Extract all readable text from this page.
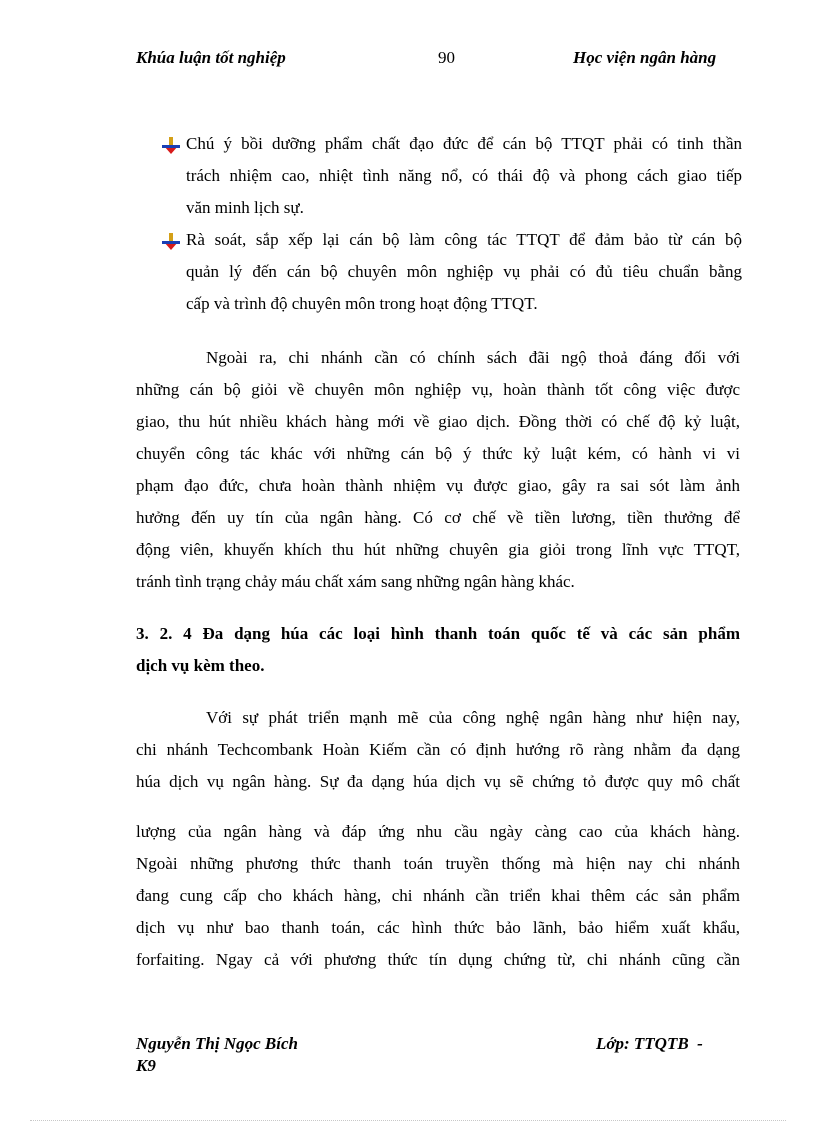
Khúa luận tốt nghiệp	90	Học viện ngân hàng
Chú ý bồi dưỡng phẩm chất đạo đức để cán bộ TTQT phải có tinh thần
trách nhiệm cao, nhiệt tình năng nổ, có thái độ và phong cách giao tiếp
văn minh lịch sự.
Rà soát, sắp xếp lại cán bộ làm công tác TTQT để đảm bảo từ cán bộ
quản lý đến cán bộ chuyên môn nghiệp vụ phải có đủ tiêu chuẩn bằng
cấp và trình độ chuyên môn trong hoạt động TTQT.
Ngoài ra, chi nhánh cần có chính sách đãi ngộ thoả đáng đối với
những cán bộ giỏi về chuyên môn nghiệp vụ, hoàn thành tốt công việc được
giao, thu hút nhiều khách hàng mới về giao dịch. Đồng thời có chế độ kỷ luật,
chuyển công tác khác với những cán bộ ý thức kỷ luật kém, có hành vi vi
phạm đạo đức, chưa hoàn thành nhiệm vụ được giao, gây ra sai sót làm ảnh
hưởng đến uy tín của ngân hàng. Có cơ chế về tiền lương, tiền thưởng để
động viên, khuyến khích thu hút những chuyên gia giỏi trong lĩnh vực TTQT,
tránh tình trạng chảy máu chất xám sang những ngân hàng khác.
3. 2. 4 Đa dạng húa các loại hình thanh toán quốc tế và các sản phẩm
dịch vụ kèm theo.
Với sự phát triển mạnh mẽ của công nghệ ngân hàng như hiện nay,
chi nhánh Techcombank Hoàn Kiếm cần có định hướng rõ ràng nhằm đa dạng
húa dịch vụ ngân hàng. Sự đa dạng húa dịch vụ sẽ chứng tỏ được quy mô chất
lượng của ngân hàng và đáp ứng nhu cầu ngày càng cao của khách hàng.
Ngoài những phương thức thanh toán truyền thống mà hiện nay chi nhánh
đang cung cấp cho khách hàng, chi nhánh cần triển khai thêm các sản phẩm
dịch vụ như bao thanh toán, các hình thức bảo lãnh, bảo hiểm xuất khẩu,
forfaiting. Ngay cả với phương thức tín dụng chứng từ, chi nhánh cũng cần
Nguyễn Thị Ngọc Bích	Lớp: TTQTB  -
K9
